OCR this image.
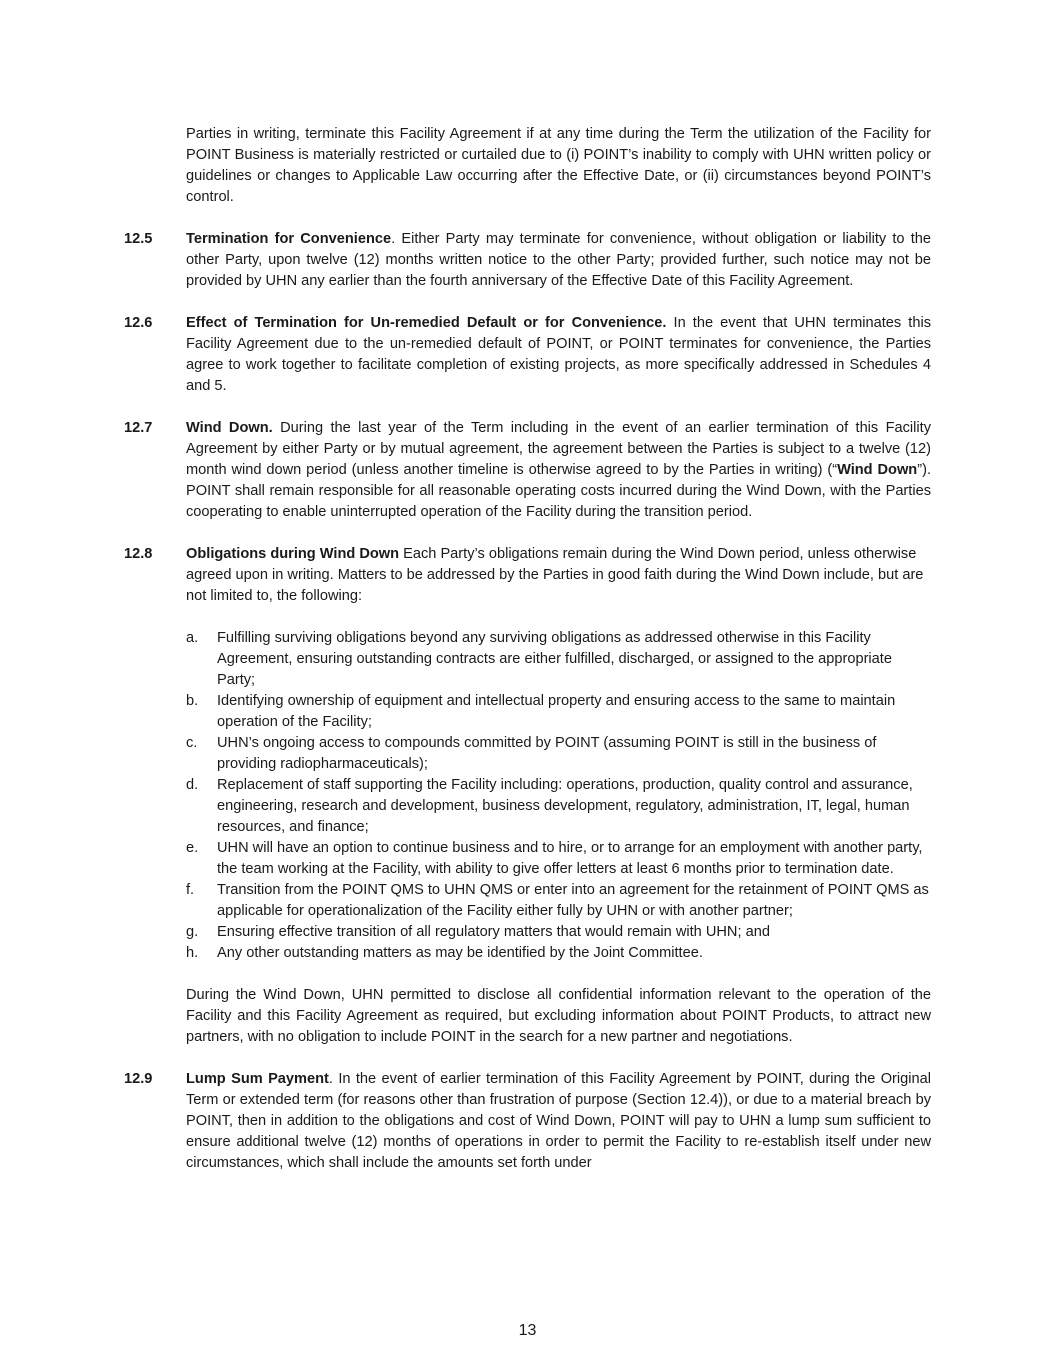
Parties in writing, terminate this Facility Agreement if at any time during the Term the utilization of the Facility for POINT Business is materially restricted or curtailed due to (i) POINT’s inability to comply with UHN written policy or guidelines or changes to Applicable Law occurring after the Effective Date, or (ii) circumstances beyond POINT’s control.

12.5	Termination for Convenience. Either Party may terminate for convenience, without obligation or liability to the other Party, upon twelve (12) months written notice to the other Party; provided further, such notice may not be provided by UHN any earlier than the fourth anniversary of the Effective Date of this Facility Agreement.

12.6	Effect of Termination for Un-remedied Default or for Convenience. In the event that UHN terminates this Facility Agreement due to the un-remedied default of POINT, or POINT terminates for convenience, the Parties agree to work together to facilitate completion of existing projects, as more specifically addressed in Schedules 4 and 5.

12.7	Wind Down. During the last year of the Term including in the event of an earlier termination of this Facility Agreement by either Party or by mutual agreement, the agreement between the Parties is subject to a twelve (12) month wind down period (unless another timeline is otherwise agreed to by the Parties in writing) (“Wind Down”). POINT shall remain responsible for all reasonable operating costs incurred during the Wind Down, with the Parties cooperating to enable uninterrupted operation of the Facility during the transition period.

12.8	Obligations during Wind Down Each Party’s obligations remain during the Wind Down period, unless otherwise agreed upon in writing. Matters to be addressed by the Parties in good faith during the Wind Down include, but are not limited to, the following:

a.	Fulfilling surviving obligations beyond any surviving obligations as addressed otherwise in this Facility Agreement, ensuring outstanding contracts are either fulfilled, discharged, or assigned to the appropriate Party;
b.	Identifying ownership of equipment and intellectual property and ensuring access to the same to maintain operation of the Facility;
c.	UHN’s ongoing access to compounds committed by POINT (assuming POINT is still in the business of providing radiopharmaceuticals);
d.	Replacement of staff supporting the Facility including: operations, production, quality control and assurance, engineering, research and development, business development, regulatory, administration, IT, legal, human resources, and finance;
e.	UHN will have an option to continue business and to hire, or to arrange for an employment with another party, the team working at the Facility, with ability to give offer letters at least 6 months prior to termination date.
f.	Transition from the POINT QMS to UHN QMS or enter into an agreement for the retainment of POINT QMS as applicable for operationalization of the Facility either fully by UHN or with another partner;
g.	Ensuring effective transition of all regulatory matters that would remain with UHN; and
h.	Any other outstanding matters as may be identified by the Joint Committee.

During the Wind Down, UHN permitted to disclose all confidential information relevant to the operation of the Facility and this Facility Agreement as required, but excluding information about POINT Products, to attract new partners, with no obligation to include POINT in the search for a new partner and negotiations.

12.9	Lump Sum Payment. In the event of earlier termination of this Facility Agreement by POINT, during the Original Term or extended term (for reasons other than frustration of purpose (Section 12.4)), or due to a material breach by POINT, then in addition to the obligations and cost of Wind Down, POINT will pay to UHN a lump sum sufficient to ensure additional twelve (12) months of operations in order to permit the Facility to re-establish itself under new circumstances, which shall include the amounts set forth under

13
